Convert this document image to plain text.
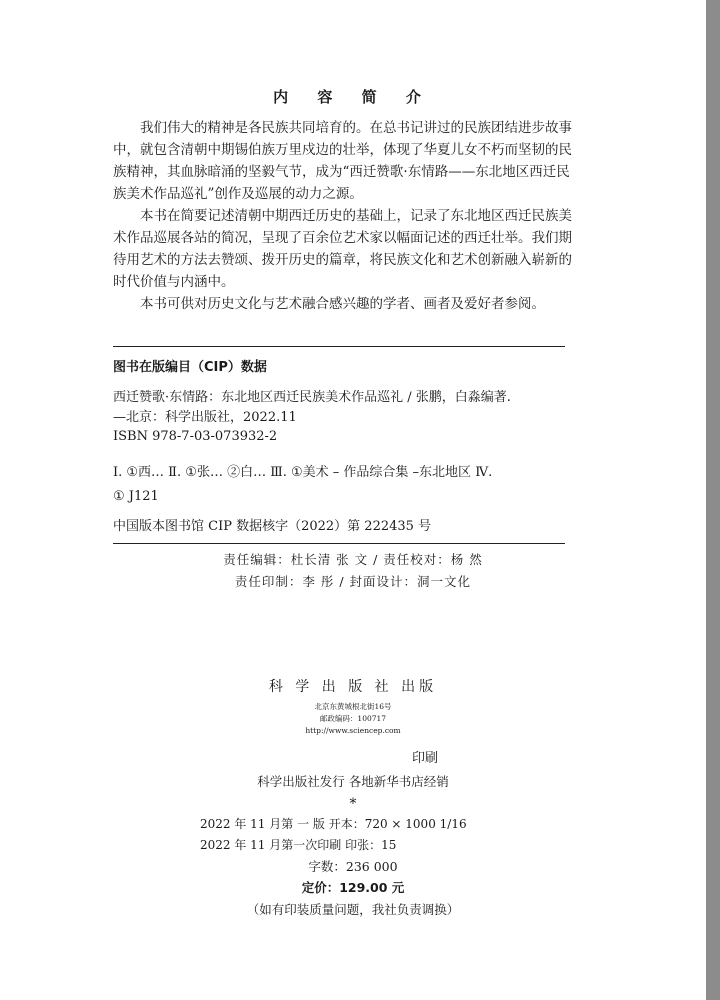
内 容 简 介

我们伟大的精神是各民族共同培育的。在总书记讲过的民族团结进步故事中，就包含清朝中期锡伯族万里戍边的壮举，体现了华夏儿女不朽而坚韧的民族精神，其血脉暗涌的坚毅气节，成为“西迁赞歌·东情路——东北地区西迁民族美术作品巡礼”创作及巡展的动力之源。

本书在简要记述清朝中期西迁历史的基础上，记录了东北地区西迁民族美术作品巡展各站的简况，呈现了百余位艺术家以幅面记述的西迁壮举。我们期待用艺术的方法去赞颂、拨开历史的篇章，将民族文化和艺术创新融入崭新的时代价值与内涵中。

本书可供对历史文化与艺术融合感兴趣的学者、画者及爱好者参阅。

图书在版编目（CIP）数据
西迁赞歌·东情路：东北地区西迁民族美术作品巡礼 / 张鹏，白淼编著.
—北京：科学出版社，2022.11
ISBN 978-7-03-073932-2
Ⅰ. ①西… Ⅱ. ①张… ②白… Ⅲ. ①美术 – 作品综合集 –东北地区 Ⅳ.
① J121
中国版本图书馆 CIP 数据核字（2022）第 222435 号
责任编辑：杜长清 张 文 / 责任校对：杨 然
责任印制：李 彤 / 封面设计：洞一文化
科 学 出 版 社 出版
北京东黄城根北街16号
邮政编码：100717
http://www.sciencep.com
印刷
科学出版社发行 各地新华书店经销
*
2022 年 11 月第 一 版 开本：720 × 1000 1/16
2022 年 11 月第一次印刷 印张：15
字数：236 000
定价：129.00 元
（如有印装质量问题，我社负责调换）
